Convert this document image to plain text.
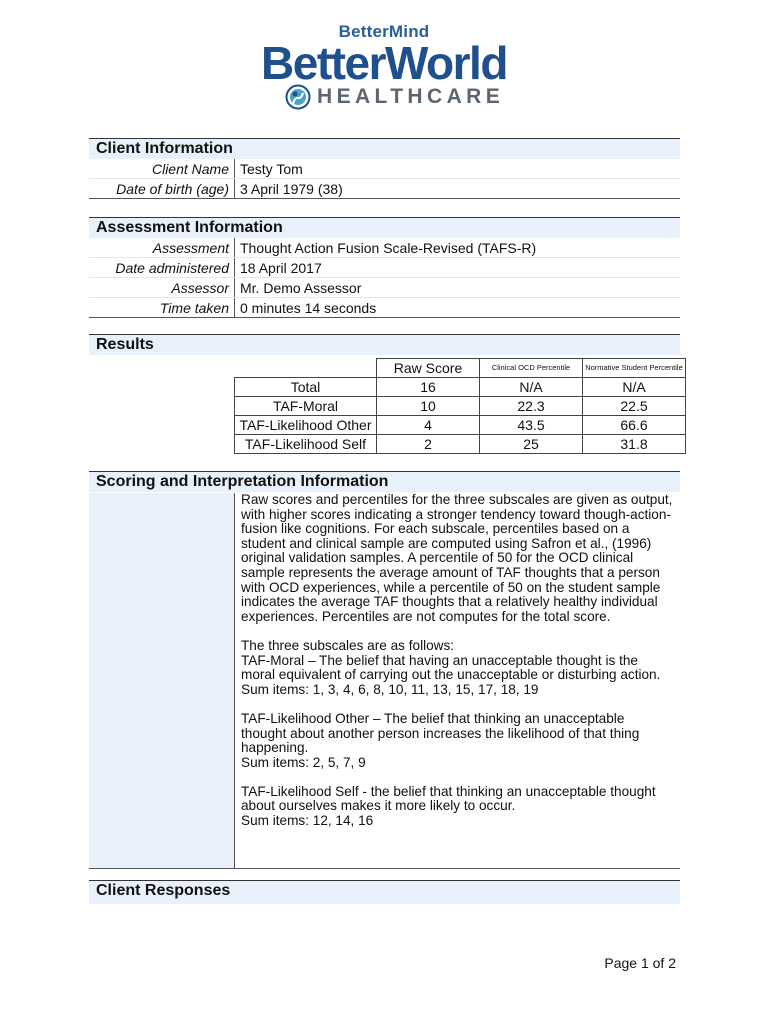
BetterMind
BetterWorld
HEALTHCARE
Client Information
Client Name	Testy Tom
Date of birth (age)	3 April 1979 (38)
Assessment Information
Assessment	Thought Action Fusion Scale-Revised (TAFS-R)
Date administered	18 April 2017
Assessor	Mr. Demo Assessor
Time taken	0 minutes 14 seconds
Results
	Raw Score	Clinical OCD Percentile	Normative Student Percentile
Total	16	N/A	N/A
TAF-Moral	10	22.3	22.5
TAF-Likelihood Other	4	43.5	66.6
TAF-Likelihood Self	2	25	31.8
Scoring and Interpretation Information

Raw scores and percentiles for the three subscales are given as output, with higher scores indicating a stronger tendency toward though-action-fusion like cognitions. For each subscale, percentiles based on a student and clinical sample are computed using Safron et al., (1996) original validation samples. A percentile of 50 for the OCD clinical sample represents the average amount of TAF thoughts that a person with OCD experiences, while a percentile of 50 on the student sample indicates the average TAF thoughts that a relatively healthy individual experiences. Percentiles are not computes for the total score.

The three subscales are as follows:

TAF-Moral – The belief that having an unacceptable thought is the moral equivalent of carrying out the unacceptable or disturbing action.

Sum items: 1, 3, 4, 6, 8, 10, 11, 13, 15, 17, 18, 19

TAF-Likelihood Other – The belief that thinking an unacceptable thought about another person increases the likelihood of that thing happening.

Sum items: 2, 5, 7, 9

TAF-Likelihood Self - the belief that thinking an unacceptable thought about ourselves makes it more likely to occur.

Sum items: 12, 14, 16

Client Responses
Page 1 of 2
